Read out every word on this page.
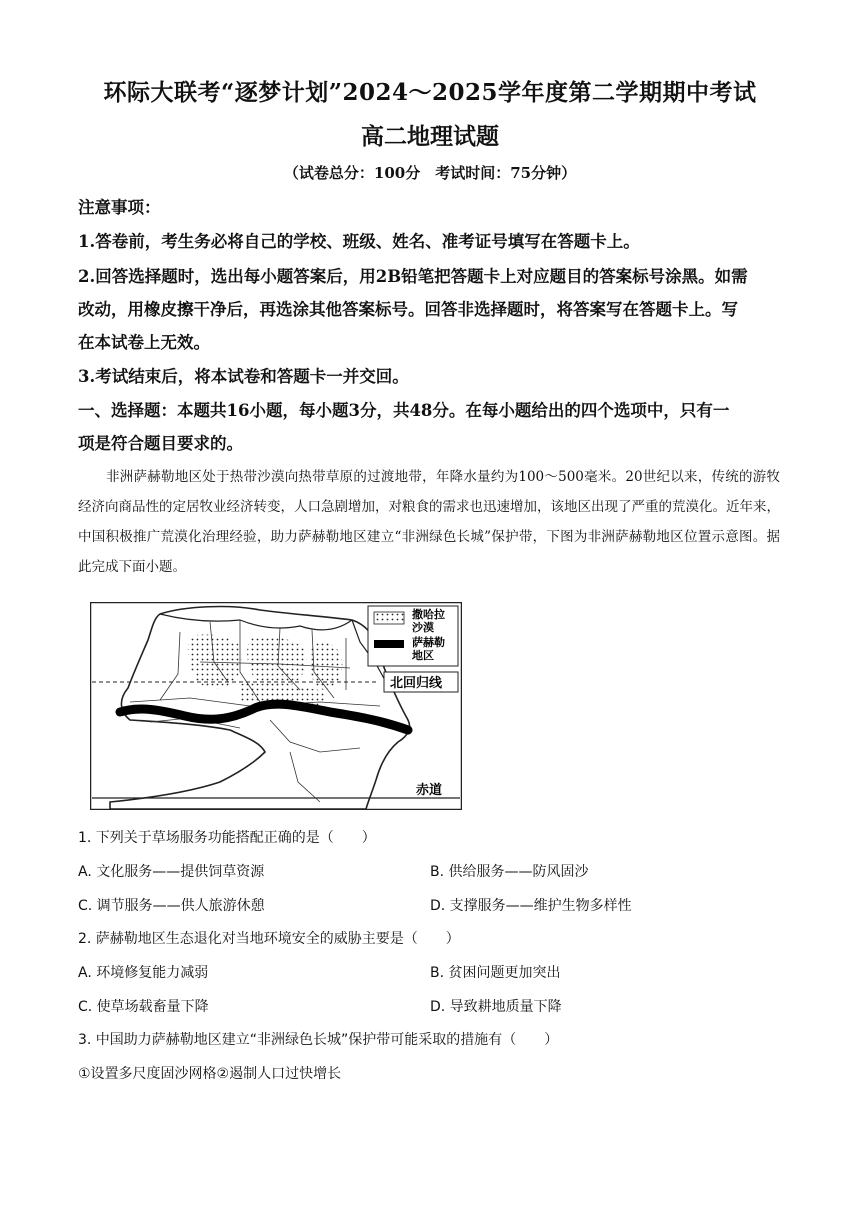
环际大联考“逐梦计划”2024～2025学年度第二学期期中考试
高二地理试题
（试卷总分：100分　考试时间：75分钟）
注意事项：
1.答卷前，考生务必将自己的学校、班级、姓名、准考证号填写在答题卡上。
2.回答选择题时，选出每小题答案后，用2B铅笔把答题卡上对应题目的答案标号涂黑。如需
改动，用橡皮擦干净后，再选涂其他答案标号。回答非选择题时，将答案写在答题卡上。写
在本试卷上无效。
3.考试结束后，将本试卷和答题卡一并交回。
一、选择题：本题共16小题，每小题3分，共48分。在每小题给出的四个选项中，只有一
项是符合题目要求的。
非洲萨赫勒地区处于热带沙漠向热带草原的过渡地带，年降水量约为100～500毫米。20世纪以来，传统的游牧经济向商品性的定居牧业经济转变，人口急剧增加，对粮食的需求也迅速增加，该地区出现了严重的荒漠化。近年来，中国积极推广荒漠化治理经验，助力萨赫勒地区建立“非洲绿色长城”保护带，下图为非洲萨赫勒地区位置示意图。据此完成下面小题。
撒哈拉
沙漠
萨赫勒
地区
北回归线
赤道
1. 下列关于草场服务功能搭配正确的是（　　）
A. 文化服务——提供饲草资源	B. 供给服务——防风固沙
C. 调节服务——供人旅游休憩	D. 支撑服务——维护生物多样性
2. 萨赫勒地区生态退化对当地环境安全的威胁主要是（　　）
A. 环境修复能力减弱	B. 贫困问题更加突出
C. 使草场载畜量下降	D. 导致耕地质量下降
3. 中国助力萨赫勒地区建立“非洲绿色长城”保护带可能采取的措施有（　　）
①设置多尺度固沙网格②遏制人口过快增长
